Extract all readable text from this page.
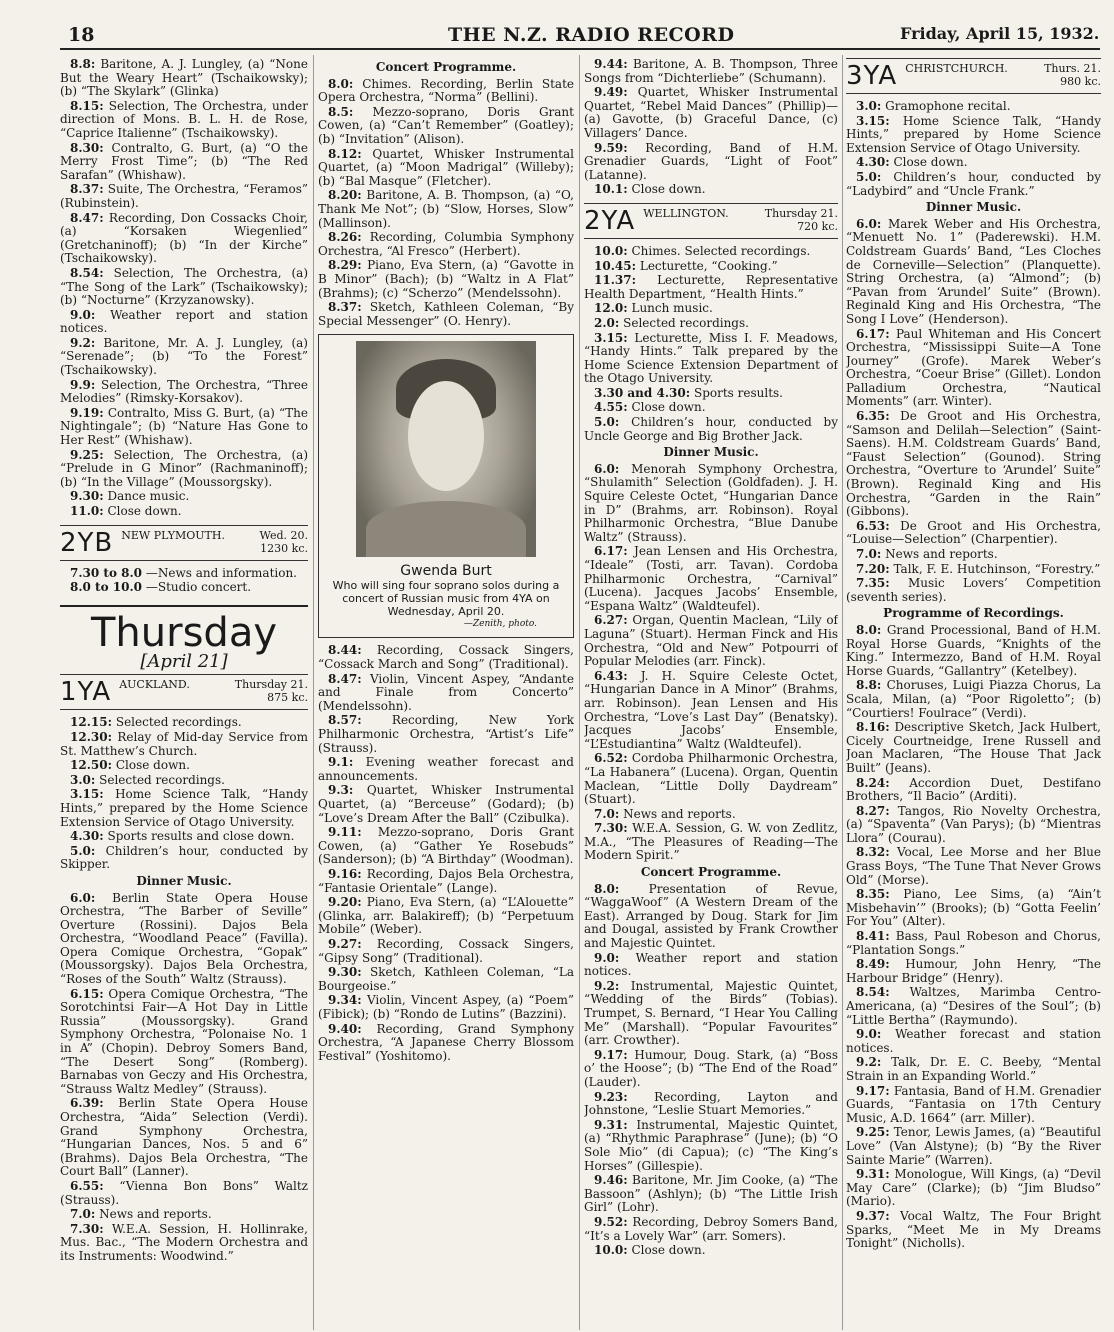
18	THE N.Z. RADIO RECORD	Friday, April 15, 1932.

8.8: Baritone, A. J. Lungley, (a) “None But the Weary Heart” (Tschaikowsky); (b) “The Skylark” (Glinka)

8.15: Selection, The Orchestra, under direction of Mons. B. L. H. de Rose, “Caprice Italienne” (Tschaikowsky).

8.30: Contralto, G. Burt, (a) “O the Merry Frost Time”; (b) “The Red Sarafan” (Whishaw).

8.37: Suite, The Orchestra, “Feramos” (Rubinstein).

8.47: Recording, Don Cossacks Choir, (a) “Korsaken Wiegenlied” (Gretchaninoff); (b) “In der Kirche” (Tschaikowsky).

8.54: Selection, The Orchestra, (a) “The Song of the Lark” (Tschaikowsky); (b) “Nocturne” (Krzyzanowsky).

9.0: Weather report and station notices.

9.2: Baritone, Mr. A. J. Lungley, (a) “Serenade”; (b) “To the Forest” (Tschaikowsky).

9.9: Selection, The Orchestra, “Three Melodies” (Rimsky-Korsakov).

9.19: Contralto, Miss G. Burt, (a) “The Nightingale”; (b) “Nature Has Gone to Her Rest” (Whishaw).

9.25: Selection, The Orchestra, (a) “Prelude in G Minor” (Rachmaninoff); (b) “In the Village” (Moussorgsky).

9.30: Dance music.

11.0: Close down.

2YB NEW PLYMOUTH.	Wed. 20.
1230 kc.

7.30 to 8.0 —News and information.

8.0 to 10.0 —Studio concert.

Thursday
[April 21]
1YA AUCKLAND.	Thursday 21.
875 kc.

12.15: Selected recordings.

12.30: Relay of Mid-day Service from St. Matthew’s Church.

12.50: Close down.

3.0: Selected recordings.

3.15: Home Science Talk, “Handy Hints,” prepared by the Home Science Extension Service of Otago University.

4.30: Sports results and close down.

5.0: Children’s hour, conducted by Skipper.

Dinner Music.

6.0: Berlin State Opera House Orchestra, “The Barber of Seville” Overture (Rossini). Dajos Bela Orchestra, “Woodland Peace” (Favilla). Opera Comique Orchestra, “Gopak” (Moussorgsky). Dajos Bela Orchestra, “Roses of the South” Waltz (Strauss).

6.15: Opera Comique Orchestra, “The Sorotchintsi Fair—A Hot Day in Little Russia” (Moussorgsky). Grand Symphony Orchestra, “Polonaise No. 1 in A” (Chopin). Debroy Somers Band, “The Desert Song” (Romberg). Barnabas von Geczy and His Orchestra, “Strauss Waltz Medley” (Strauss).

6.39: Berlin State Opera House Orchestra, “Aida” Selection (Verdi). Grand Symphony Orchestra, “Hungarian Dances, Nos. 5 and 6” (Brahms). Dajos Bela Orchestra, “The Court Ball” (Lanner).

6.55: “Vienna Bon Bons” Waltz (Strauss).

7.0: News and reports.

7.30: W.E.A. Session, H. Hollinrake, Mus. Bac., “The Modern Orchestra and its Instruments: Woodwind.”

Concert Programme.

8.0: Chimes. Recording, Berlin State Opera Orchestra, “Norma” (Bellini).

8.5: Mezzo-soprano, Doris Grant Cowen, (a) “Can’t Remember” (Goatley); (b) “Invitation” (Alison).

8.12: Quartet, Whisker Instrumental Quartet, (a) “Moon Madrigal” (Willeby); (b) “Bal Masque” (Fletcher).

8.20: Baritone, A. B. Thompson, (a) “O, Thank Me Not”; (b) “Slow, Horses, Slow” (Mallinson).

8.26: Recording, Columbia Symphony Orchestra, “Al Fresco” (Herbert).

8.29: Piano, Eva Stern, (a) “Gavotte in B Minor” (Bach); (b) “Waltz in A Flat” (Brahms); (c) “Scherzo” (Mendelssohn).

8.37: Sketch, Kathleen Coleman, “By Special Messenger” (O. Henry).

Gwenda Burt
Who will sing four soprano solos during a concert of Russian music from 4YA on Wednesday, April 20.
—Zenith, photo.

8.44: Recording, Cossack Singers, “Cossack March and Song” (Traditional).

8.47: Violin, Vincent Aspey, “Andante and Finale from Concerto” (Mendelssohn).

8.57:	Recording, New York Philharmonic Orchestra, “Artist’s Life” (Strauss).

9.1: Evening weather forecast and announcements.

9.3: Quartet, Whisker Instrumental Quartet, (a) “Berceuse” (Godard); (b) “Love’s Dream After the Ball” (Czibulka).

9.11: Mezzo-soprano, Doris Grant Cowen, (a) “Gather Ye Rosebuds” (Sanderson); (b) “A Birthday” (Woodman).

9.16: Recording, Dajos Bela Orchestra, “Fantasie Orientale” (Lange).

9.20: Piano, Eva Stern, (a) “L’Alouette” (Glinka, arr. Balakireff); (b) “Perpetuum Mobile” (Weber).

9.27: Recording, Cossack Singers, “Gipsy Song” (Traditional).

9.30: Sketch, Kathleen Coleman, “La Bourgeoise.”

9.34: Violin, Vincent Aspey, (a) “Poem” (Fibick); (b) “Rondo de Lutins” (Bazzini).

9.40: Recording, Grand Symphony Orchestra, “A Japanese Cherry Blossom Festival” (Yoshitomo).

9.44: Baritone, A. B. Thompson, Three Songs from “Dichterliebe” (Schumann).

9.49: Quartet, Whisker Instrumental Quartet, “Rebel Maid Dances” (Phillip)—(a) Gavotte, (b) Graceful Dance, (c) Villagers’ Dance.

9.59: Recording, Band of H.M. Grenadier Guards, “Light of Foot” (Latanne).

10.1: Close down.

2YA WELLINGTON.	Thursday 21.
720 kc.

10.0: Chimes. Selected recordings.

10.45: Lecturette, “Cooking.”

11.37: Lecturette, Representative Health Department, “Health Hints.”

12.0: Lunch music.

2.0: Selected recordings.

3.15: Lecturette, Miss I. F. Meadows, “Handy Hints.” Talk prepared by the Home Science Extension Department of the Otago University.

3.30 and 4.30: Sports results.

4.55: Close down.

5.0: Children’s hour, conducted by Uncle George and Big Brother Jack.

Dinner Music.

6.0: Menorah Symphony Orchestra, “Shulamith” Selection (Goldfaden). J. H. Squire Celeste Octet, “Hungarian Dance in D” (Brahms, arr. Robinson). Royal Philharmonic Orchestra, “Blue Danube Waltz” (Strauss).

6.17: Jean Lensen and His Orchestra, “Ideale” (Tosti, arr. Tavan). Cordoba Philharmonic Orchestra, “Carnival” (Lucena). Jacques Jacobs’ Ensemble, “Espana Waltz” (Waldteufel).

6.27: Organ, Quentin Maclean, “Lily of Laguna” (Stuart). Herman Finck and His Orchestra, “Old and New” Potpourri of Popular Melodies (arr. Finck).

6.43: J. H. Squire Celeste Octet, “Hungarian Dance in A Minor” (Brahms, arr. Robinson). Jean Lensen and His Orchestra, “Love’s Last Day” (Benatsky). Jacques Jacobs’ Ensemble, “L’Estudiantina” Waltz (Waldteufel).

6.52: Cordoba Philharmonic Orchestra, “La Habanera” (Lucena). Organ, Quentin Maclean, “Little Dolly Daydream” (Stuart).

7.0: News and reports.

7.30: W.E.A. Session, G. W. von Zedlitz, M.A., “The Pleasures of Reading—The Modern Spirit.”

Concert Programme.

8.0: Presentation of Revue, “WaggaWoof” (A Western Dream of the East). Arranged by Doug. Stark for Jim and Dougal, assisted by Frank Crowther and Majestic Quintet.

9.0: Weather report and station notices.

9.2: Instrumental, Majestic Quintet, “Wedding of the Birds” (Tobias). Trumpet, S. Bernard, “I Hear You Calling Me” (Marshall). “Popular Favourites” (arr. Crowther).

9.17: Humour, Doug. Stark, (a) “Boss o’ the Hoose”; (b) “The End of the Road” (Lauder).

9.23: Recording, Layton and Johnstone, “Leslie Stuart Memories.”

9.31: Instrumental, Majestic Quintet, (a) “Rhythmic Paraphrase” (June); (b) “O Sole Mio” (di Capua); (c) “The King’s Horses” (Gillespie).

9.46: Baritone, Mr. Jim Cooke, (a) “The Bassoon” (Ashlyn); (b) “The Little Irish Girl” (Lohr).

9.52: Recording, Debroy Somers Band, “It’s a Lovely War” (arr. Somers).

10.0: Close down.

3YA CHRISTCHURCH.	Thurs. 21.
980 kc.

3.0: Gramophone recital.

3.15: Home Science Talk, “Handy Hints,” prepared by Home Science Extension Service of Otago University.

4.30: Close down.

5.0: Children’s hour, conducted by “Ladybird” and “Uncle Frank.”

Dinner Music.

6.0: Marek Weber and His Orchestra, “Menuett No. 1” (Paderewski). H.M. Coldstream Guards’ Band, “Les Cloches de Corneville—Selection” (Planquette). String Orchestra, (a) “Almond”; (b) “Pavan from ‘Arundel’ Suite” (Brown). Reginald King and His Orchestra, “The Song I Love” (Henderson).

6.17: Paul Whiteman and His Concert Orchestra, “Mississippi Suite—A Tone Journey” (Grofe). Marek Weber’s Orchestra, “Coeur Brise” (Gillet). London Palladium Orchestra, “Nautical Moments” (arr. Winter).

6.35: De Groot and His Orchestra, “Samson and Delilah—Selection” (Saint-Saens). H.M. Coldstream Guards’ Band, “Faust Selection” (Gounod). String Orchestra, “Overture to ‘Arundel’ Suite” (Brown). Reginald King and His Orchestra, “Garden in the Rain” (Gibbons).

6.53: De Groot and His Orchestra, “Louise—Selection” (Charpentier).

7.0: News and reports.

7.20: Talk, F. E. Hutchinson, “Forestry.”

7.35: Music Lovers’ Competition (seventh series).

Programme of Recordings.

8.0: Grand Processional, Band of H.M. Royal Horse Guards, “Knights of the King.” Intermezzo, Band of H.M. Royal Horse Guards, “Gallantry” (Ketelbey).

8.8: Choruses, Luigi Piazza Chorus, La Scala, Milan, (a) “Poor Rigoletto”; (b) “Courtiers! Foulrace” (Verdi).

8.16: Descriptive Sketch, Jack Hulbert, Cicely Courtneidge, Irene Russell and Joan Maclaren, “The House That Jack Built” (Jeans).

8.24: Accordion Duet, Destifano Brothers, “Il Bacio” (Arditi).

8.27: Tangos, Rio Novelty Orchestra, (a) “Spaventa” (Van Parys); (b) “Mientras Llora” (Courau).

8.32: Vocal, Lee Morse and her Blue Grass Boys, “The Tune That Never Grows Old” (Morse).

8.35: Piano, Lee Sims, (a) “Ain’t Misbehavin’” (Brooks); (b) “Gotta Feelin’ For You” (Alter).

8.41: Bass, Paul Robeson and Chorus, “Plantation Songs.”

8.49: Humour, John Henry, “The Harbour Bridge” (Henry).

8.54: Waltzes, Marimba Centro-Americana, (a) “Desires of the Soul”; (b) “Little Bertha” (Raymundo).

9.0: Weather forecast and station notices.

9.2: Talk, Dr. E. C. Beeby, “Mental Strain in an Expanding World.”

9.17: Fantasia, Band of H.M. Grenadier Guards, “Fantasia on 17th Century Music, A.D. 1664” (arr. Miller).

9.25: Tenor, Lewis James, (a) “Beautiful Love” (Van Alstyne); (b) “By the River Sainte Marie” (Warren).

9.31: Monologue, Will Kings, (a) “Devil May Care” (Clarke); (b) “Jim Bludso” (Mario).

9.37: Vocal Waltz, The Four Bright Sparks, “Meet Me in My Dreams Tonight” (Nicholls).
